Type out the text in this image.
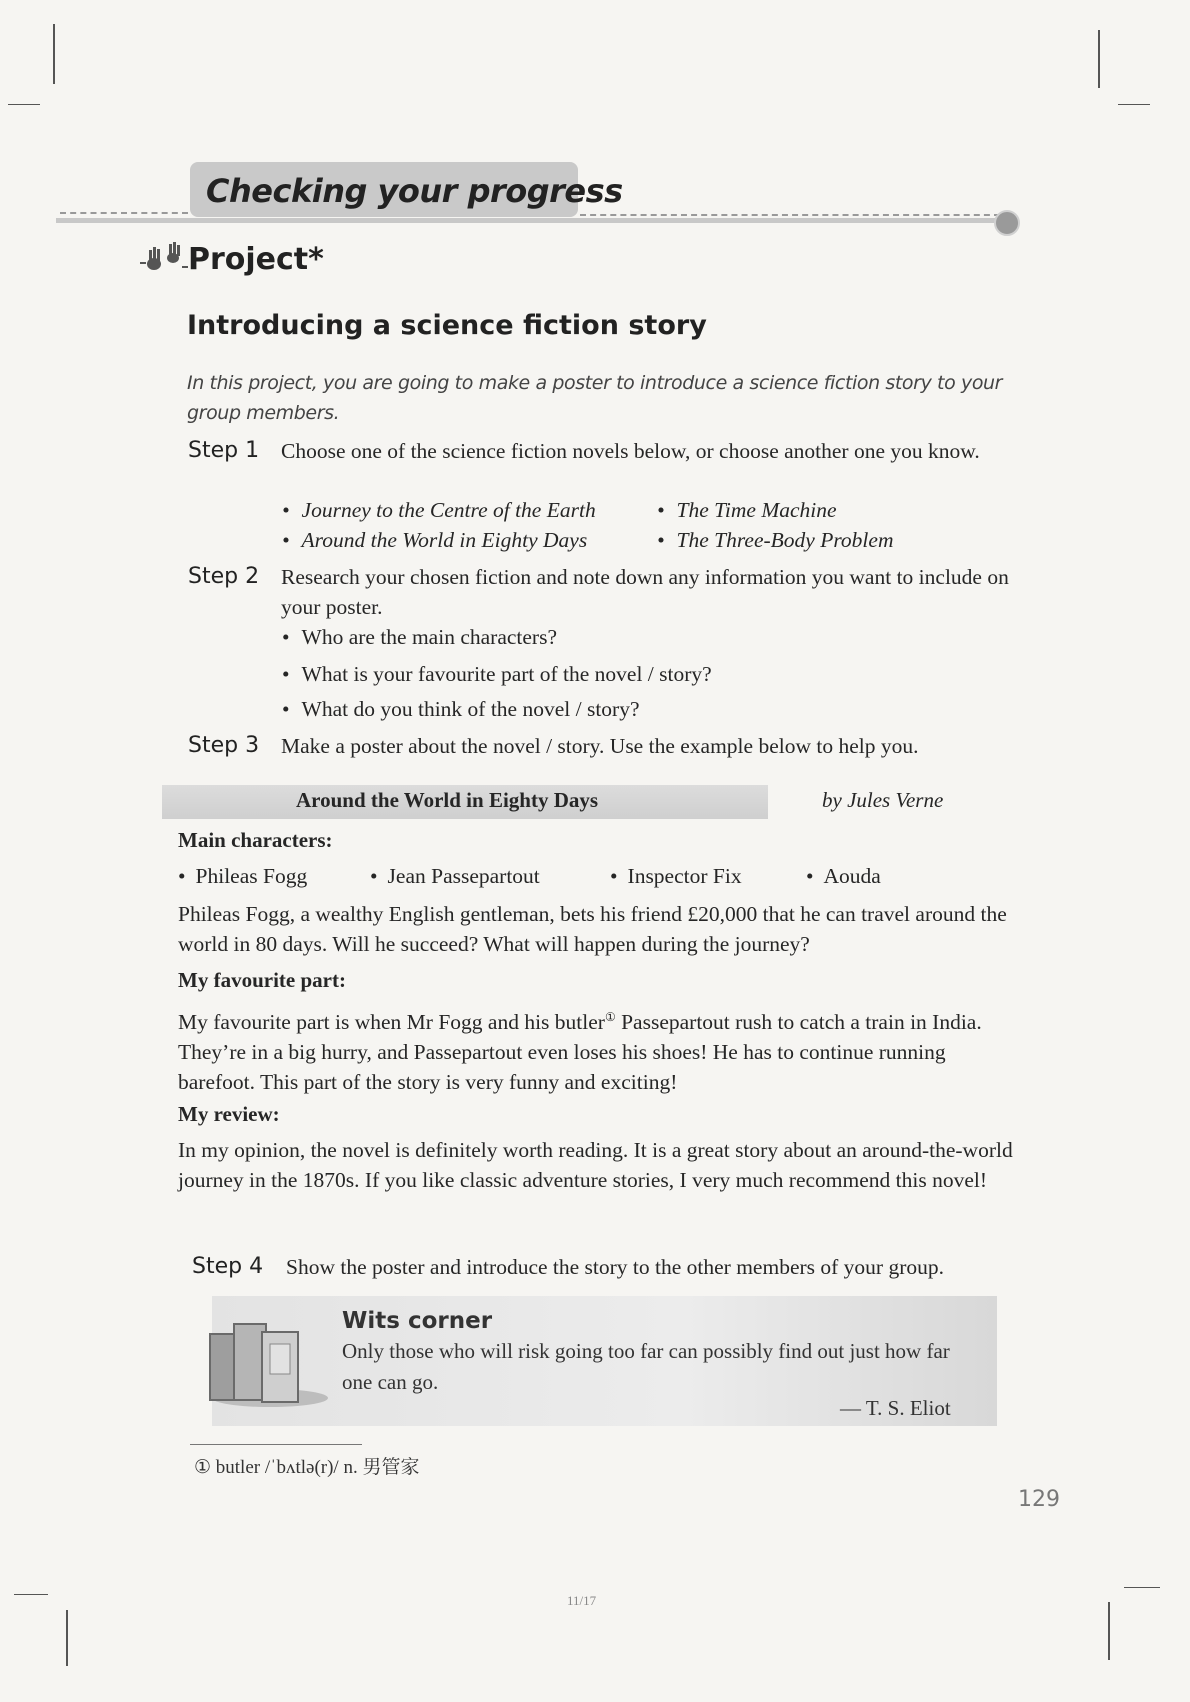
Checking your progress
Project*
Introducing a science fiction story
In this project, you are going to make a poster to introduce a science fiction story to your group members.
Step 1 Choose one of the science fiction novels below, or choose another one you know.
• Journey to the Centre of the Earth	• The Time Machine
• Around the World in Eighty Days	• The Three-Body Problem
Step 2 Research your chosen fiction and note down any information you want to include on your poster.
• Who are the main characters?
• What is your favourite part of the novel / story?
• What do you think of the novel / story?
Step 3 Make a poster about the novel / story. Use the example below to help you.
Around the World in Eighty Days	by Jules Verne
Main characters:
• Phileas Fogg	• Jean Passepartout	• Inspector Fix	• Aouda
Phileas Fogg, a wealthy English gentleman, bets his friend £20,000 that he can travel around the world in 80 days. Will he succeed? What will happen during the journey?
My favourite part:
My favourite part is when Mr Fogg and his butler① Passepartout rush to catch a train in India. They’re in a big hurry, and Passepartout even loses his shoes! He has to continue running barefoot. This part of the story is very funny and exciting!
My review:
In my opinion, the novel is definitely worth reading. It is a great story about an around-the-world journey in the 1870s. If you like classic adventure stories, I very much recommend this novel!
Step 4 Show the poster and introduce the story to the other members of your group.
Wits corner
Only those who will risk going too far can possibly find out just how far one can go.
— T. S. Eliot
① butler /ˈbʌtlə(r)/ n. 男管家
129
11/17
